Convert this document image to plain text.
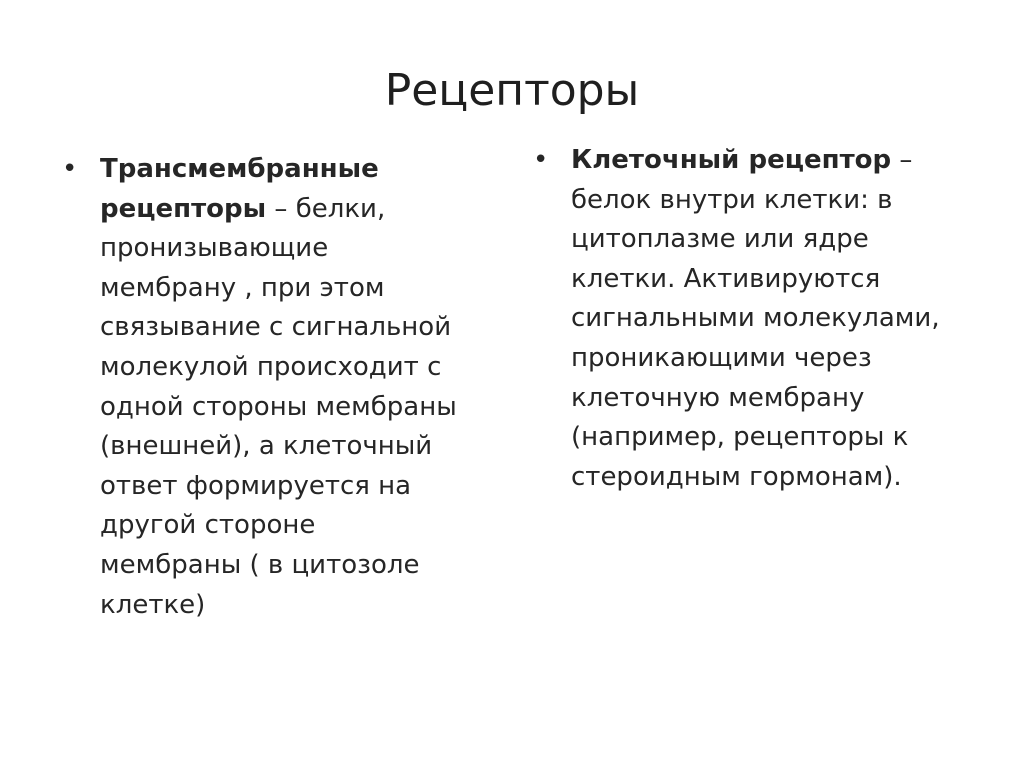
Рецепторы
• Трансмембранные рецепторы – белки, пронизывающие мембрану , при этом связывание с сигнальной молекулой происходит с одной стороны мембраны (внешней), а клеточный ответ формируется на другой стороне мембраны ( в цитозоле клетке)
• Клеточный рецептор – белок внутри клетки: в цитоплазме или ядре клетки. Активируются сигнальными молекулами, проникающими через клеточную мембрану (например, рецепторы к стероидным гормонам).
